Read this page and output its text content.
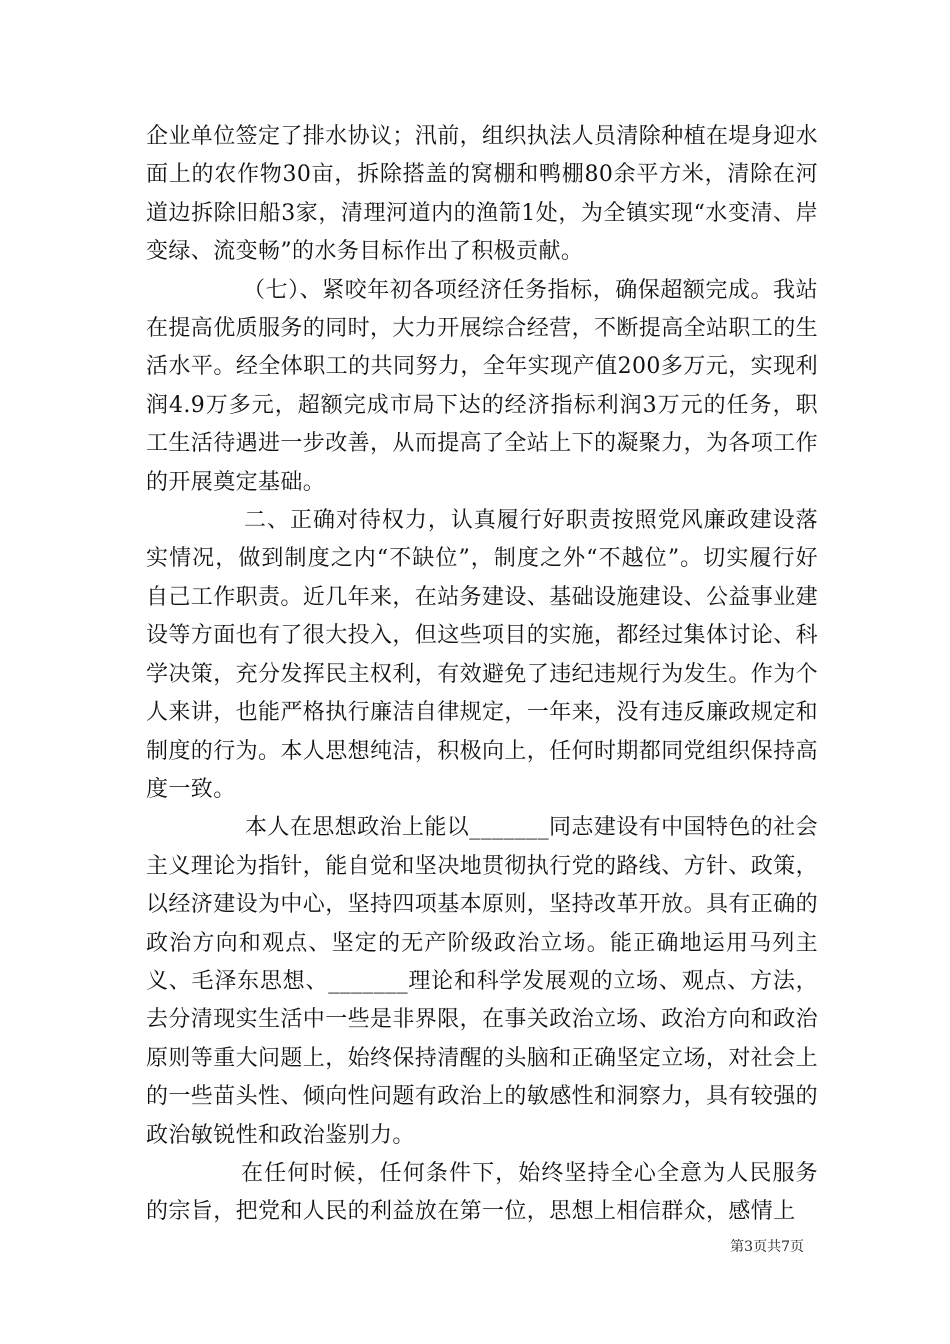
企业单位签定了排水协议；汛前，组织执法人员清除种植在堤身迎水面上的农作物30亩，拆除搭盖的窝棚和鸭棚80余平方米，清除在河道边拆除旧船3家，清理河道内的渔箭1处，为全镇实现“水变清、岸变绿、流变畅”的水务目标作出了积极贡献。

（七）、紧咬年初各项经济任务指标，确保超额完成。我站在提高优质服务的同时，大力开展综合经营，不断提高全站职工的生活水平。经全体职工的共同努力，全年实现产值200多万元，实现利润4.9万多元，超额完成市局下达的经济指标利润3万元的任务，职工生活待遇进一步改善，从而提高了全站上下的凝聚力，为各项工作的开展奠定基础。

二、正确对待权力，认真履行好职责按照党风廉政建设落实情况，做到制度之内“不缺位”，制度之外“不越位”。切实履行好自己工作职责。近几年来，在站务建设、基础设施建设、公益事业建设等方面也有了很大投入，但这些项目的实施，都经过集体讨论、科学决策，充分发挥民主权利，有效避免了违纪违规行为发生。作为个人来讲，也能严格执行廉洁自律规定，一年来，没有违反廉政规定和制度的行为。本人思想纯洁，积极向上，任何时期都同党组织保持高度一致。

本人在思想政治上能以_______同志建设有中国特色的社会主义理论为指针，能自觉和坚决地贯彻执行党的路线、方针、政策，以经济建设为中心，坚持四项基本原则，坚持改革开放。具有正确的政治方向和观点、坚定的无产阶级政治立场。能正确地运用马列主义、毛泽东思想、_______理论和科学发展观的立场、观点、方法，去分清现实生活中一些是非界限，在事关政治立场、政治方向和政治原则等重大问题上，始终保持清醒的头脑和正确坚定立场，对社会上的一些苗头性、倾向性问题有政治上的敏感性和洞察力，具有较强的政治敏锐性和政治鉴别力。

在任何时候，任何条件下，始终坚持全心全意为人民服务的宗旨，把党和人民的利益放在第一位，思想上相信群众，感情上

第3页共7页
